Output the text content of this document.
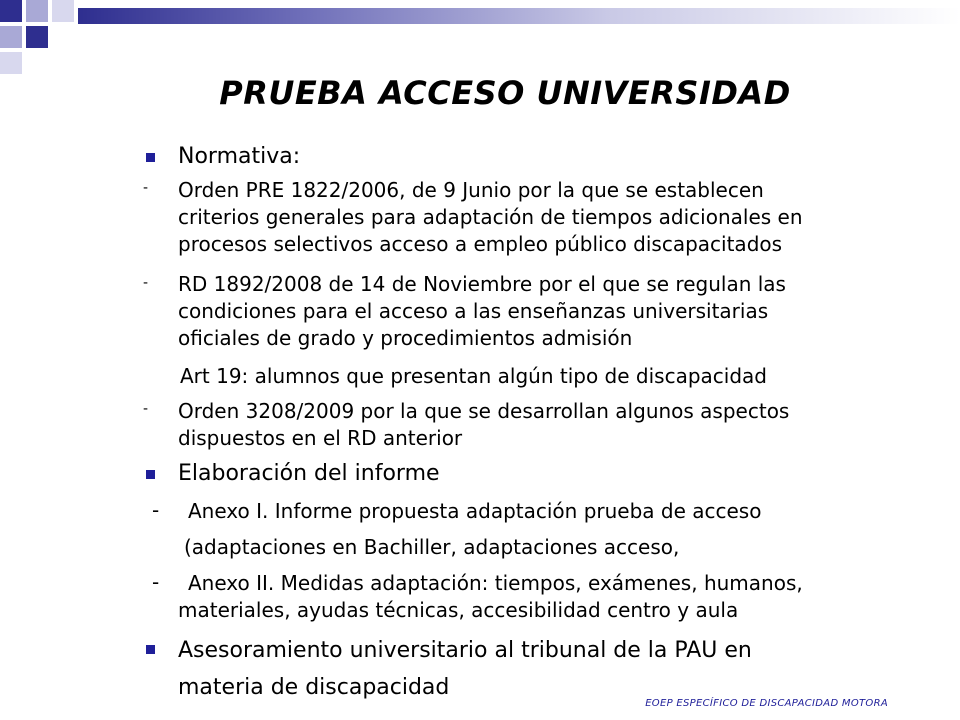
PRUEBA ACCESO UNIVERSIDAD
Normativa:
- Orden PRE 1822/2006, de 9 Junio por la que se establecen
criterios generales para adaptación de tiempos adicionales en
procesos selectivos acceso a empleo público discapacitados
- RD 1892/2008 de 14 de Noviembre por el que se regulan las
condiciones para el acceso a las enseñanzas universitarias
oficiales de grado y procedimientos admisión
Art 19: alumnos que presentan algún tipo de discapacidad
- Orden 3208/2009 por la que se desarrollan algunos aspectos
dispuestos en el RD anterior
Elaboración del informe
- Anexo I. Informe propuesta adaptación prueba de acceso
(adaptaciones en Bachiller, adaptaciones acceso,
-	Anexo II. Medidas adaptación: tiempos, exámenes, humanos,
materiales, ayudas técnicas, accesibilidad centro y aula
Asesoramiento universitario al tribunal de la PAU en
materia de discapacidad
EOEP ESPECÍFICO DE DISCAPACIDAD MOTORA
